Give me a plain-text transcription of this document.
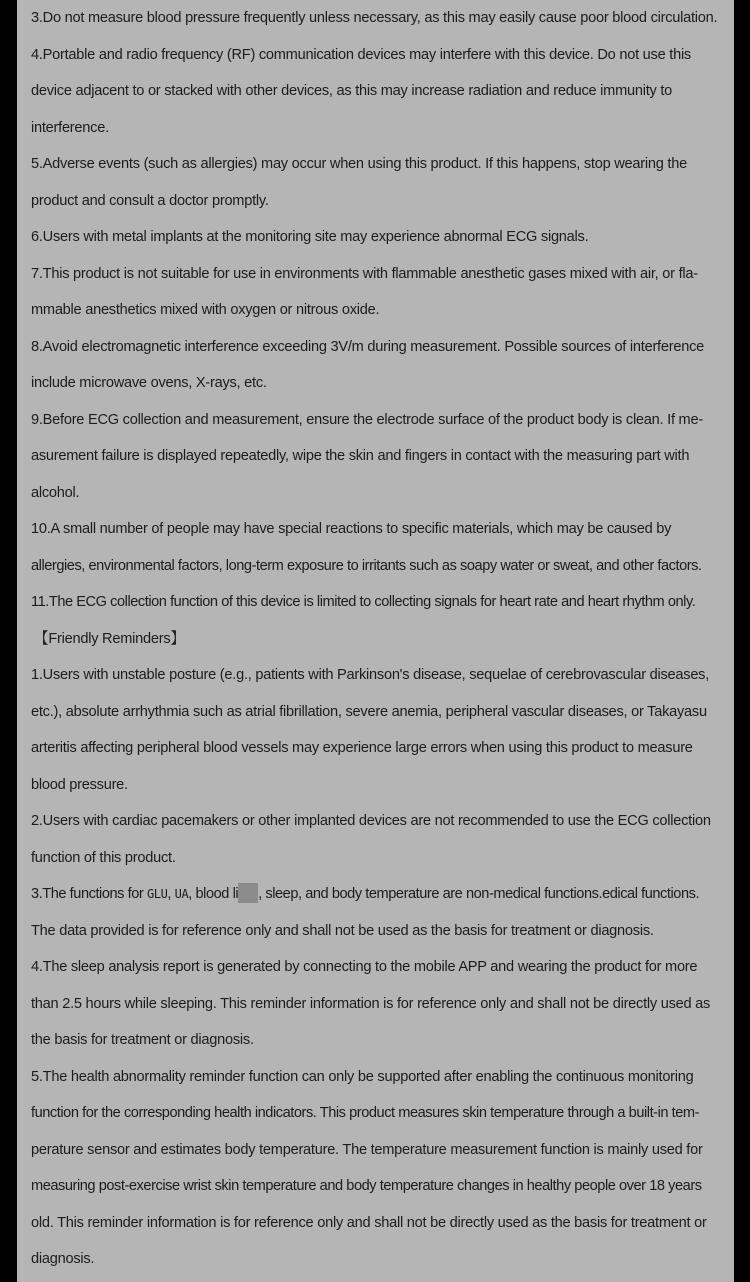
3.Do not measure blood pressure frequently unless necessary, as this may easily cause poor blood circulation.
4.Portable and radio frequency (RF) communication devices may interfere with this device. Do not use this
device adjacent to or stacked with other devices, as this may increase radiation and reduce immunity to
interference.
5.Adverse events (such as allergies) may occur when using this product. If this happens, stop wearing the
product and consult a doctor promptly.
6.Users with metal implants at the monitoring site may experience abnormal ECG signals.
7.This product is not suitable for use in environments with flammable anesthetic gases mixed with air, or fla-
mmable anesthetics mixed with oxygen or nitrous oxide.
8.Avoid electromagnetic interference exceeding 3V/m during measurement. Possible sources of interference
include microwave ovens, X-rays, etc.
9.Before ECG collection and measurement, ensure the electrode surface of the product body is clean. If me-
asurement failure is displayed repeatedly, wipe the skin and fingers in contact with the measuring part with
alcohol.
10.A small number of people may have special reactions to specific materials, which may be caused by
allergies, environmental factors, long-term exposure to irritants such as soapy water or sweat, and other factors.
11.The ECG collection function of this device is limited to collecting signals for heart rate and heart rhythm only.
【Friendly Reminders】
1.Users with unstable posture (e.g., patients with Parkinson's disease, sequelae of cerebrovascular diseases,
etc.), absolute arrhythmia such as atrial fibrillation, severe anemia, peripheral vascular diseases, or Takayasu
arteritis affecting peripheral blood vessels may experience large errors when using this product to measure
blood pressure.
2.Users with cardiac pacemakers or other implanted devices are not recommended to use the ECG collection
function of this product.
3.The functions for GLU, UA, blood li , sleep, and body temperature are non-medical functions.edical functions.
The data provided is for reference only and shall not be used as the basis for treatment or diagnosis.
4.The sleep analysis report is generated by connecting to the mobile APP and wearing the product for more
than 2.5 hours while sleeping. This reminder information is for reference only and shall not be directly used as
the basis for treatment or diagnosis.
5.The health abnormality reminder function can only be supported after enabling the continuous monitoring
function for the corresponding health indicators. This product measures skin temperature through a built-in tem-
perature sensor and estimates body temperature. The temperature measurement function is mainly used for
measuring post-exercise wrist skin temperature and body temperature changes in healthy people over 18 years
old. This reminder information is for reference only and shall not be directly used as the basis for treatment or
diagnosis.
